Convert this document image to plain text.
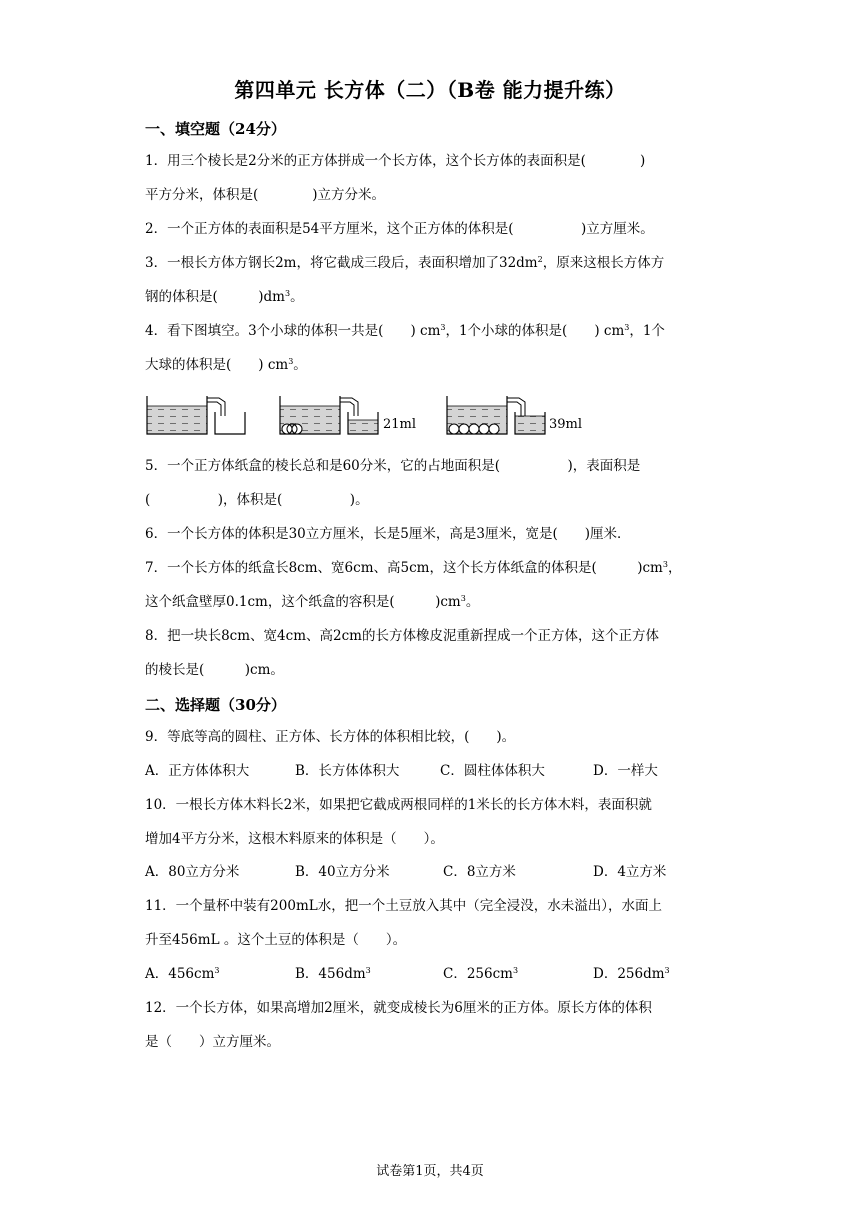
第四单元 长方体（二）（B卷 能力提升练）
一、填空题（24分）
1．用三个棱长是2分米的正方体拼成一个长方体，这个长方体的表面积是(　　　　)
平方分米，体积是(　　　　)立方分米。
2．一个正方体的表面积是54平方厘米，这个正方体的体积是(　　　　　)立方厘米。
3．一根长方体方钢长2m，将它截成三段后，表面积增加了$32dm^2$，原来这根长方体方
钢的体积是(　　　)$dm^3$。
4．看下图填空。3个小球的体积一共是(　　) $cm^3$，1个小球的体积是(　　) $cm^3$，1个
大球的体积是(　　) $cm^3$。
21ml	39ml
5．一个正方体纸盒的棱长总和是60分米，它的占地面积是(　　　　　)，表面积是
(　　　　　)，体积是(　　　　　)。
6．一个长方体的体积是30立方厘米，长是5厘米，高是3厘米，宽是(　　)厘米．
7．一个长方体的纸盒长8cm、宽6cm、高5cm，这个长方体纸盒的体积是(　　　)$cm^3$，
这个纸盒壁厚0.1cm，这个纸盒的容积是(　　　)$cm^3$。
8．把一块长8cm、宽4cm、高2cm的长方体橡皮泥重新捏成一个正方体，这个正方体
的棱长是(　　　)cm。
二、选择题（30分）
9．等底等高的圆柱、正方体、长方体的体积相比较，(　　)。
A．正方体体积大	B．长方体体积大	C．圆柱体体积大	D．一样大
10．一根长方体木料长2米，如果把它截成两根同样的1米长的长方体木料，表面积就
增加4平方分米，这根木料原来的体积是（　　）。
A．80立方分米	B．40立方分米	C．8立方米	D．4立方米
11．一个量杯中装有200mL水，把一个土豆放入其中（完全浸没，水未溢出），水面上
升至456mL 。这个土豆的体积是（　　）。
A．$456cm^3$	B．$456dm^3$	C．$256cm^3$	D．$256dm^3$
12．一个长方体，如果高增加2厘米，就变成棱长为6厘米的正方体。原长方体的体积
是（　　）立方厘米。
试卷第1页，共4页
